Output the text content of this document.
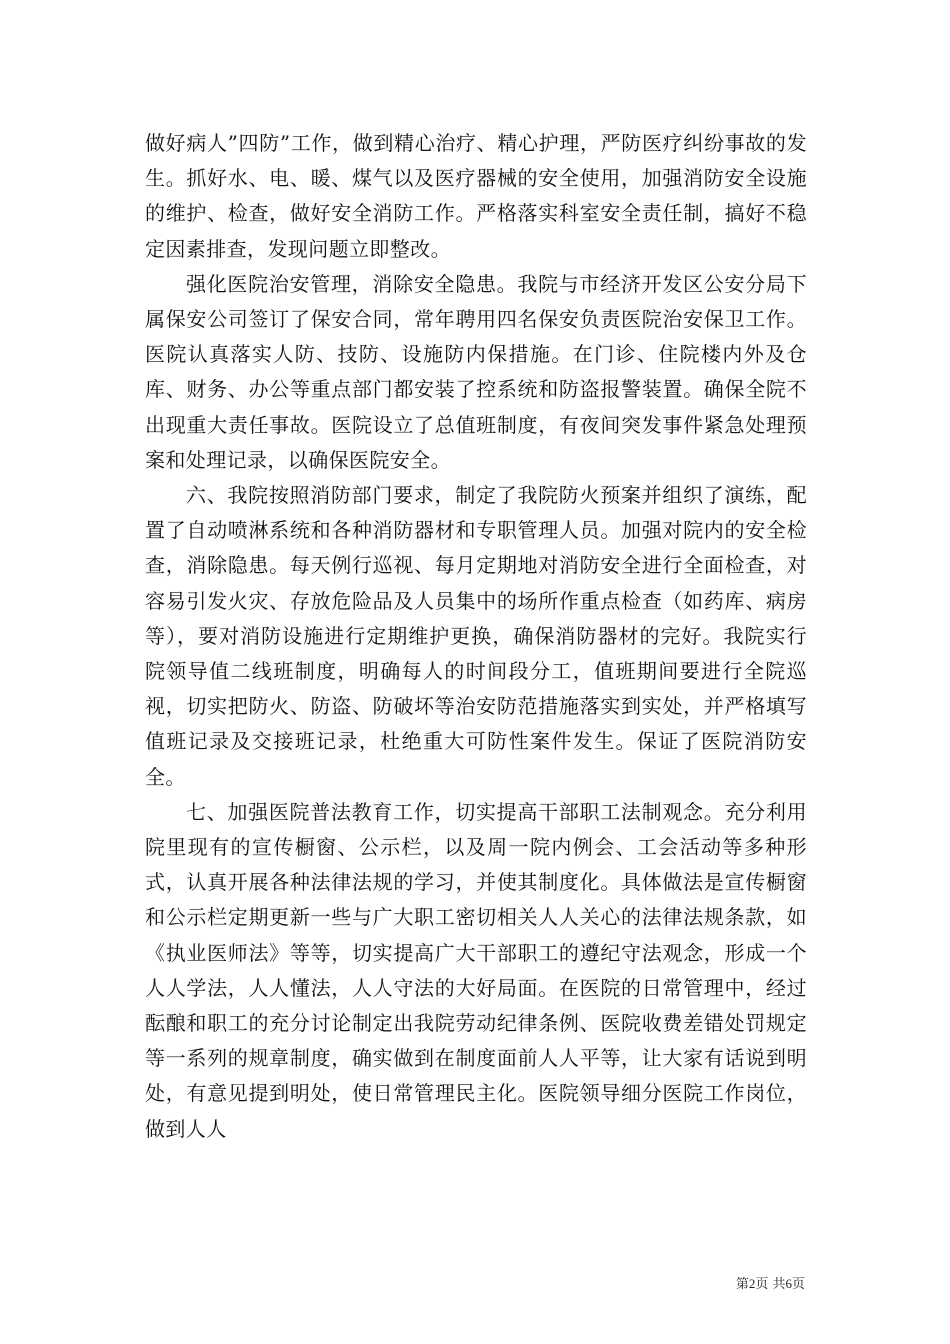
做好病人”四防”工作，做到精心治疗、精心护理，严防医疗纠纷事故的发生。抓好水、电、暖、煤气以及医疗器械的安全使用，加强消防安全设施的维护、检查，做好安全消防工作。严格落实科室安全责任制，搞好不稳定因素排查，发现问题立即整改。

强化医院治安管理，消除安全隐患。我院与市经济开发区公安分局下属保安公司签订了保安合同，常年聘用四名保安负责医院治安保卫工作。医院认真落实人防、技防、设施防内保措施。在门诊、住院楼内外及仓库、财务、办公等重点部门都安装了控系统和防盗报警装置。确保全院不出现重大责任事故。医院设立了总值班制度，有夜间突发事件紧急处理预案和处理记录，以确保医院安全。

六、我院按照消防部门要求，制定了我院防火预案并组织了演练，配置了自动喷淋系统和各种消防器材和专职管理人员。加强对院内的安全检查，消除隐患。每天例行巡视、每月定期地对消防安全进行全面检查，对容易引发火灾、存放危险品及人员集中的场所作重点检查（如药库、病房等），要对消防设施进行定期维护更换，确保消防器材的完好。我院实行院领导值二线班制度，明确每人的时间段分工，值班期间要进行全院巡视，切实把防火、防盗、防破坏等治安防范措施落实到实处，并严格填写值班记录及交接班记录，杜绝重大可防性案件发生。保证了医院消防安全。

七、加强医院普法教育工作，切实提高干部职工法制观念。充分利用院里现有的宣传橱窗、公示栏，以及周一院内例会、工会活动等多种形式，认真开展各种法律法规的学习，并使其制度化。具体做法是宣传橱窗和公示栏定期更新一些与广大职工密切相关人人关心的法律法规条款，如《执业医师法》等等，切实提高广大干部职工的遵纪守法观念，形成一个人人学法，人人懂法，人人守法的大好局面。在医院的日常管理中，经过酝酿和职工的充分讨论制定出我院劳动纪律条例、医院收费差错处罚规定等一系列的规章制度，确实做到在制度面前人人平等，让大家有话说到明处，有意见提到明处，使日常管理民主化。医院领导细分医院工作岗位，做到人人

第2页 共6页
